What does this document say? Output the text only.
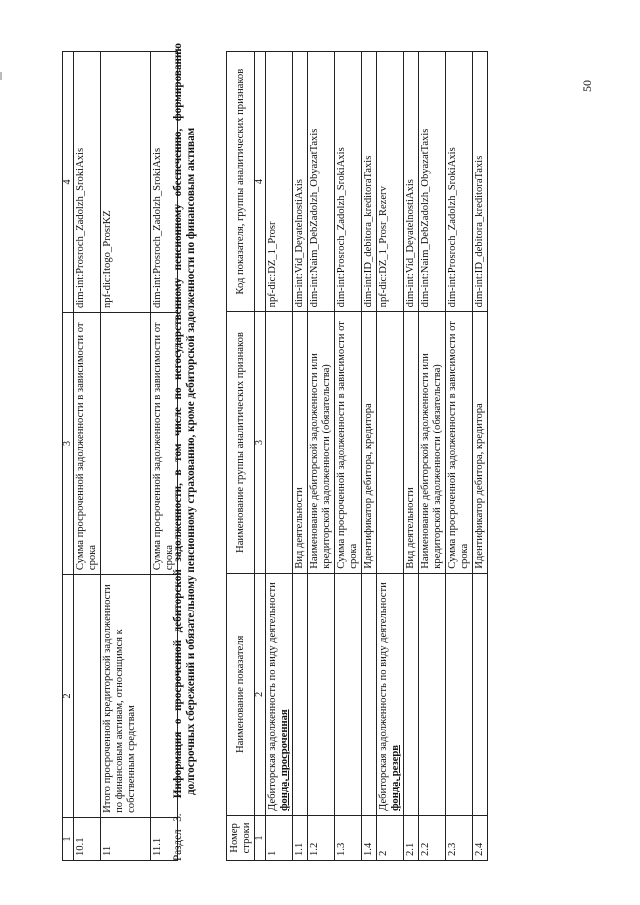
50
1	2	3	4
10.1		Сумма просроченной задолженности в зависимости от срока	dim-int:Prosroch_Zadolzh_SrokiAxis
11	Итого просроченной кредиторской задолженности по финансовым активам, относящимся к собственным средствам		npf-dic:Itogo_ProsrKZ
11.1		Сумма просроченной задолженности в зависимости от срока	dim-int:Prosroch_Zadolzh_SrokiAxis
Раздел 3.  Информация о просроченной дебиторской задолженности, в том числе по негосударственному пенсионному обеспечению, формированию долгосрочных сбережений и обязательному пенсионному страхованию, кроме дебиторской задолженности по финансовым активам
Номер строки	Наименование показателя	Наименование группы аналитических признаков	Код показателя, группы аналитических признаков
1	2	3	4
1	Дебиторская задолженность по виду деятельности фонда, просроченная		npf-dic:DZ_1_Prosr
1.1		Вид деятельности	dim-int:Vid_DeyatelnostiAxis
1.2		Наименование дебиторской задолженности или кредиторской задолженности (обязательства)	dim-int:Naim_DebZadolzh_ObyazatTaxis
1.3		Сумма просроченной задолженности в зависимости от срока	dim-int:Prosroch_Zadolzh_SrokiAxis
1.4		Идентификатор дебитора, кредитора	dim-int:ID_debitora_kreditoraTaxis
2	Дебиторская задолженность по виду деятельности фонда, резерв		npf-dic:DZ_1_Prosr_Rezerv
2.1		Вид деятельности	dim-int:Vid_DeyatelnostiAxis
2.2		Наименование дебиторской задолженности или кредиторской задолженности (обязательства)	dim-int:Naim_DebZadolzh_ObyazatTaxis
2.3		Сумма просроченной задолженности в зависимости от срока	dim-int:Prosroch_Zadolzh_SrokiAxis
2.4		Идентификатор дебитора, кредитора	dim-int:ID_debitora_kreditoraTaxis
